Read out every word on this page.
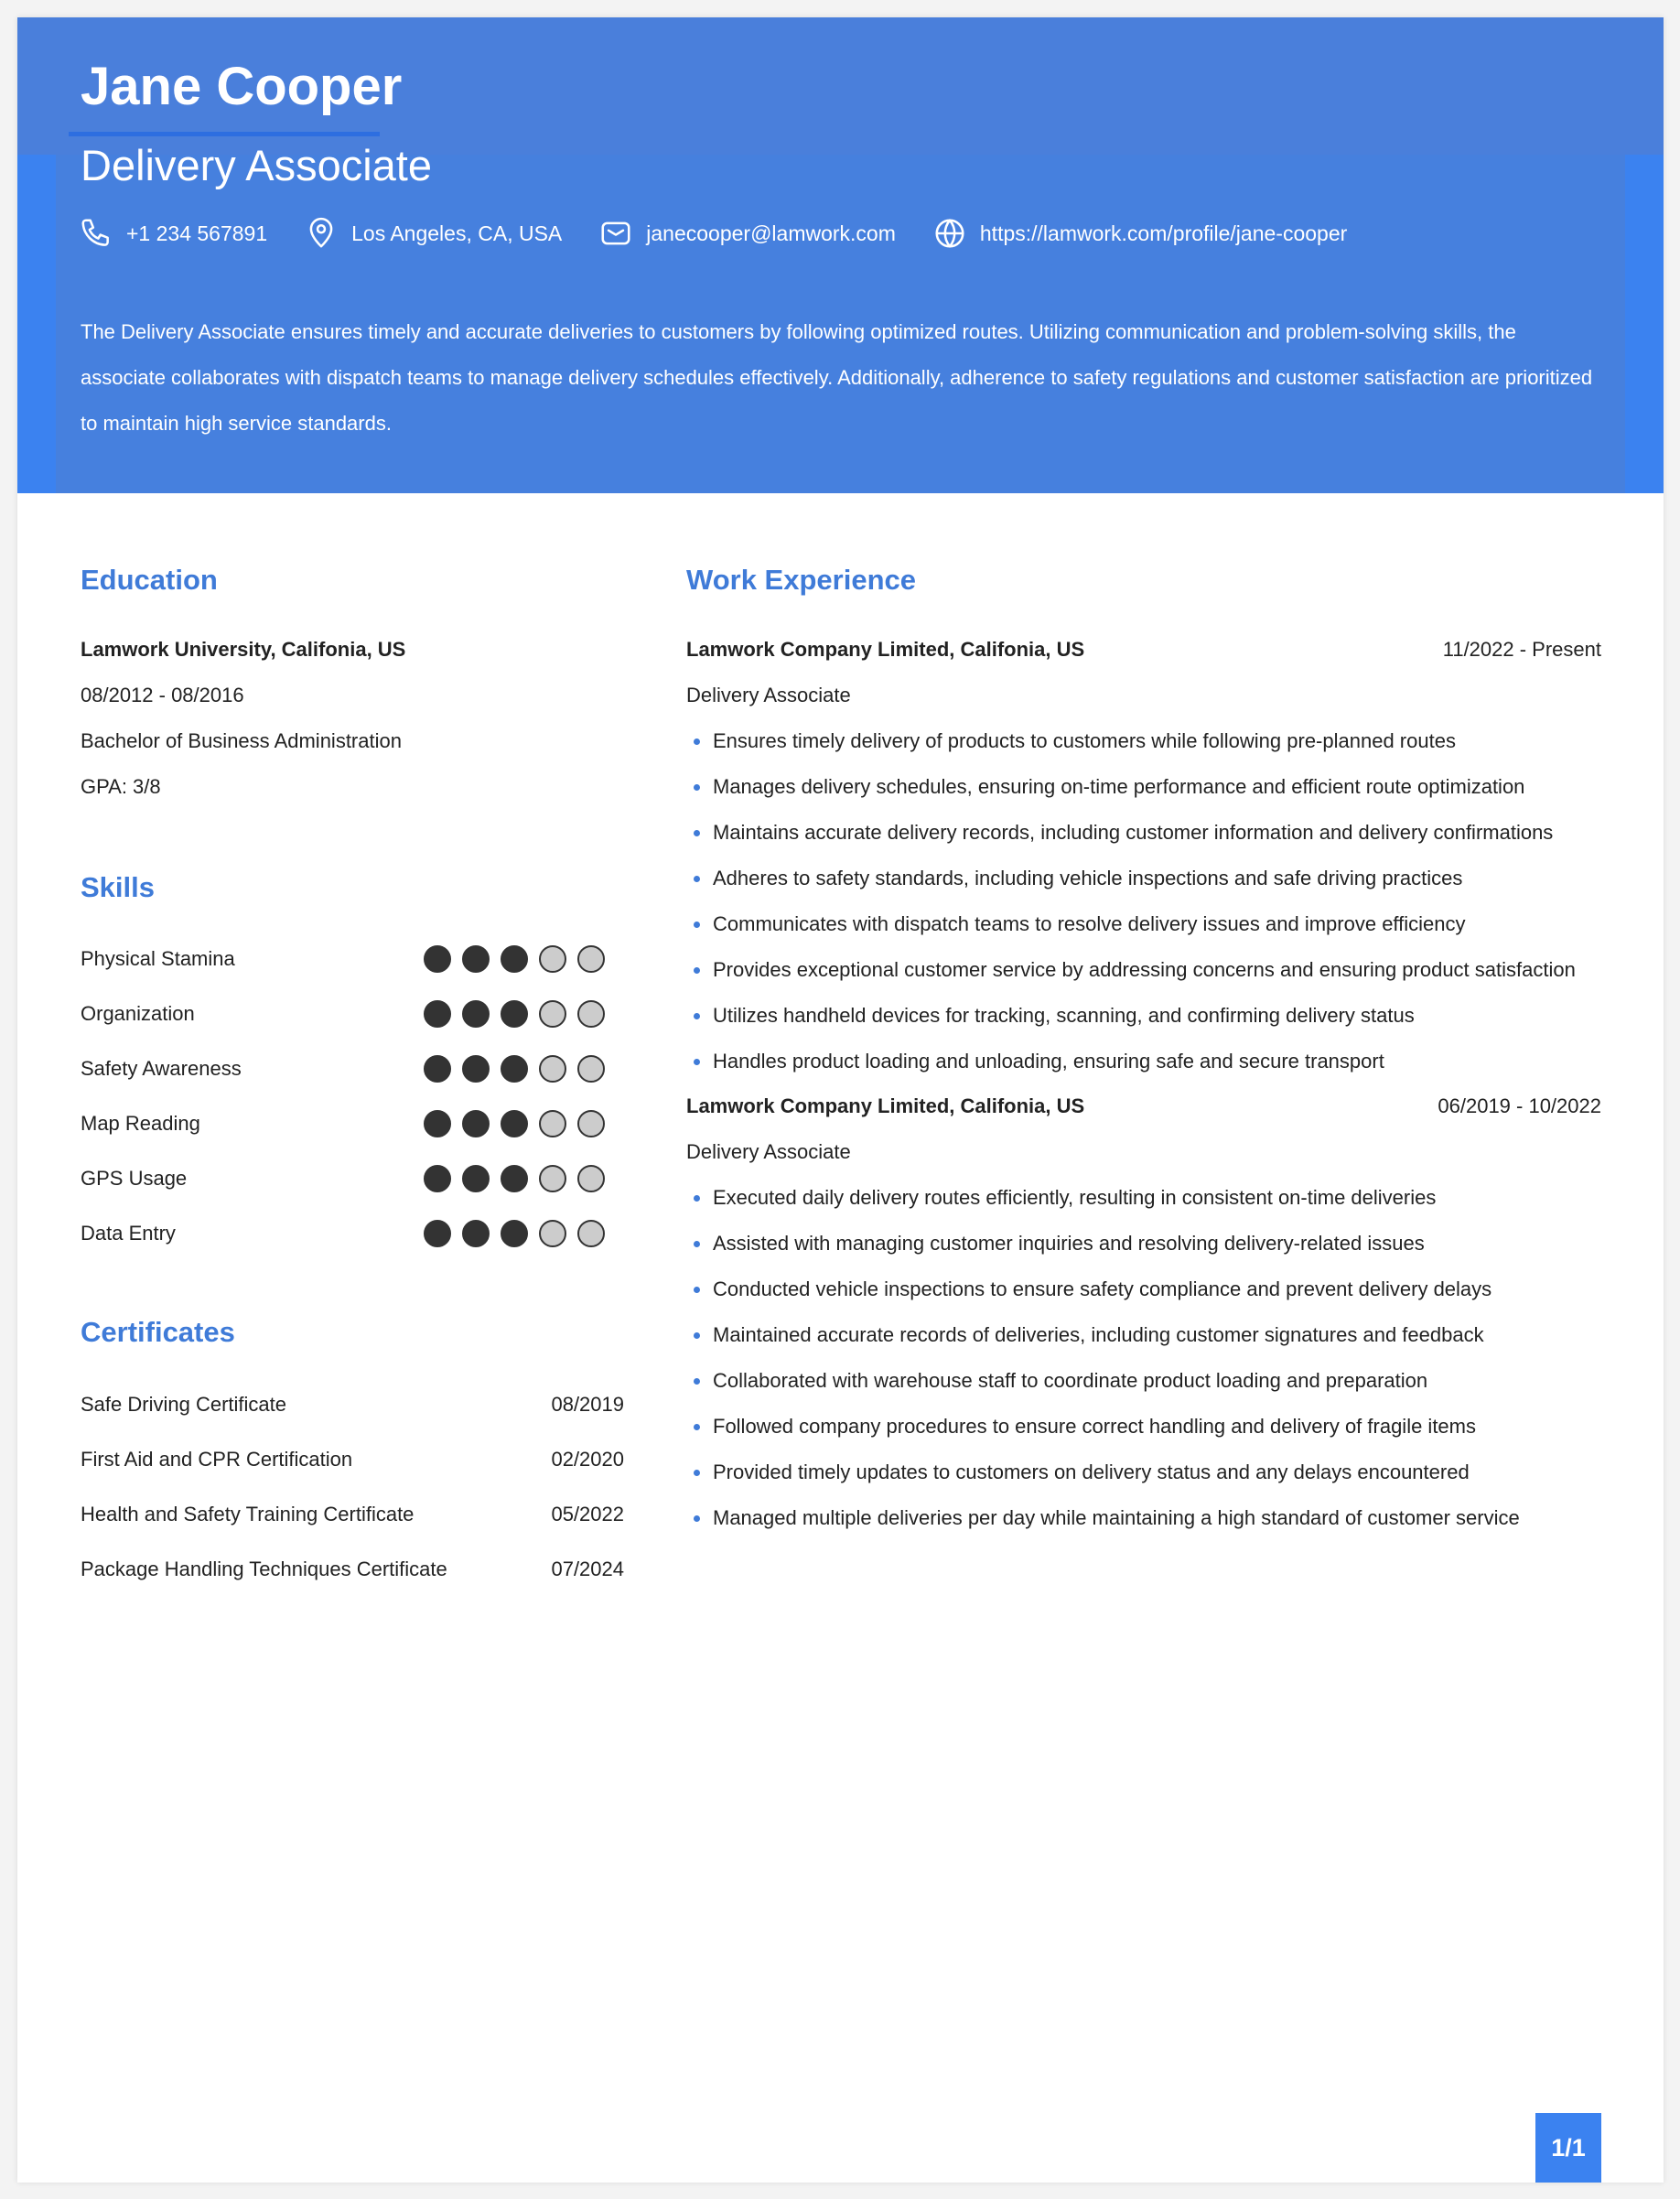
Jane Cooper
Delivery Associate
+1 234 567891	Los Angeles, CA, USA	janecooper@lamwork.com	https://lamwork.com/profile/jane-cooper
The Delivery Associate ensures timely and accurate deliveries to customers by following optimized routes. Utilizing communication and problem-solving skills, the associate collaborates with dispatch teams to manage delivery schedules effectively. Additionally, adherence to safety regulations and customer satisfaction are prioritized to maintain high service standards.
Education
Lamwork University, Califonia, US
08/2012 - 08/2016
Bachelor of Business Administration
GPA: 3/8
Skills
Physical Stamina
Organization
Safety Awareness
Map Reading
GPS Usage
Data Entry
Certificates
Safe Driving Certificate	08/2019
First Aid and CPR Certification	02/2020
Health and Safety Training Certificate	05/2022
Package Handling Techniques Certificate	07/2024
Work Experience
Lamwork Company Limited, Califonia, US	11/2022 - Present
Delivery Associate
Ensures timely delivery of products to customers while following pre-planned routes
Manages delivery schedules, ensuring on-time performance and efficient route optimization
Maintains accurate delivery records, including customer information and delivery confirmations
Adheres to safety standards, including vehicle inspections and safe driving practices
Communicates with dispatch teams to resolve delivery issues and improve efficiency
Provides exceptional customer service by addressing concerns and ensuring product satisfaction
Utilizes handheld devices for tracking, scanning, and confirming delivery status
Handles product loading and unloading, ensuring safe and secure transport
Lamwork Company Limited, Califonia, US	06/2019 - 10/2022
Delivery Associate
Executed daily delivery routes efficiently, resulting in consistent on-time deliveries
Assisted with managing customer inquiries and resolving delivery-related issues
Conducted vehicle inspections to ensure safety compliance and prevent delivery delays
Maintained accurate records of deliveries, including customer signatures and feedback
Collaborated with warehouse staff to coordinate product loading and preparation
Followed company procedures to ensure correct handling and delivery of fragile items
Provided timely updates to customers on delivery status and any delays encountered
Managed multiple deliveries per day while maintaining a high standard of customer service
1/1
